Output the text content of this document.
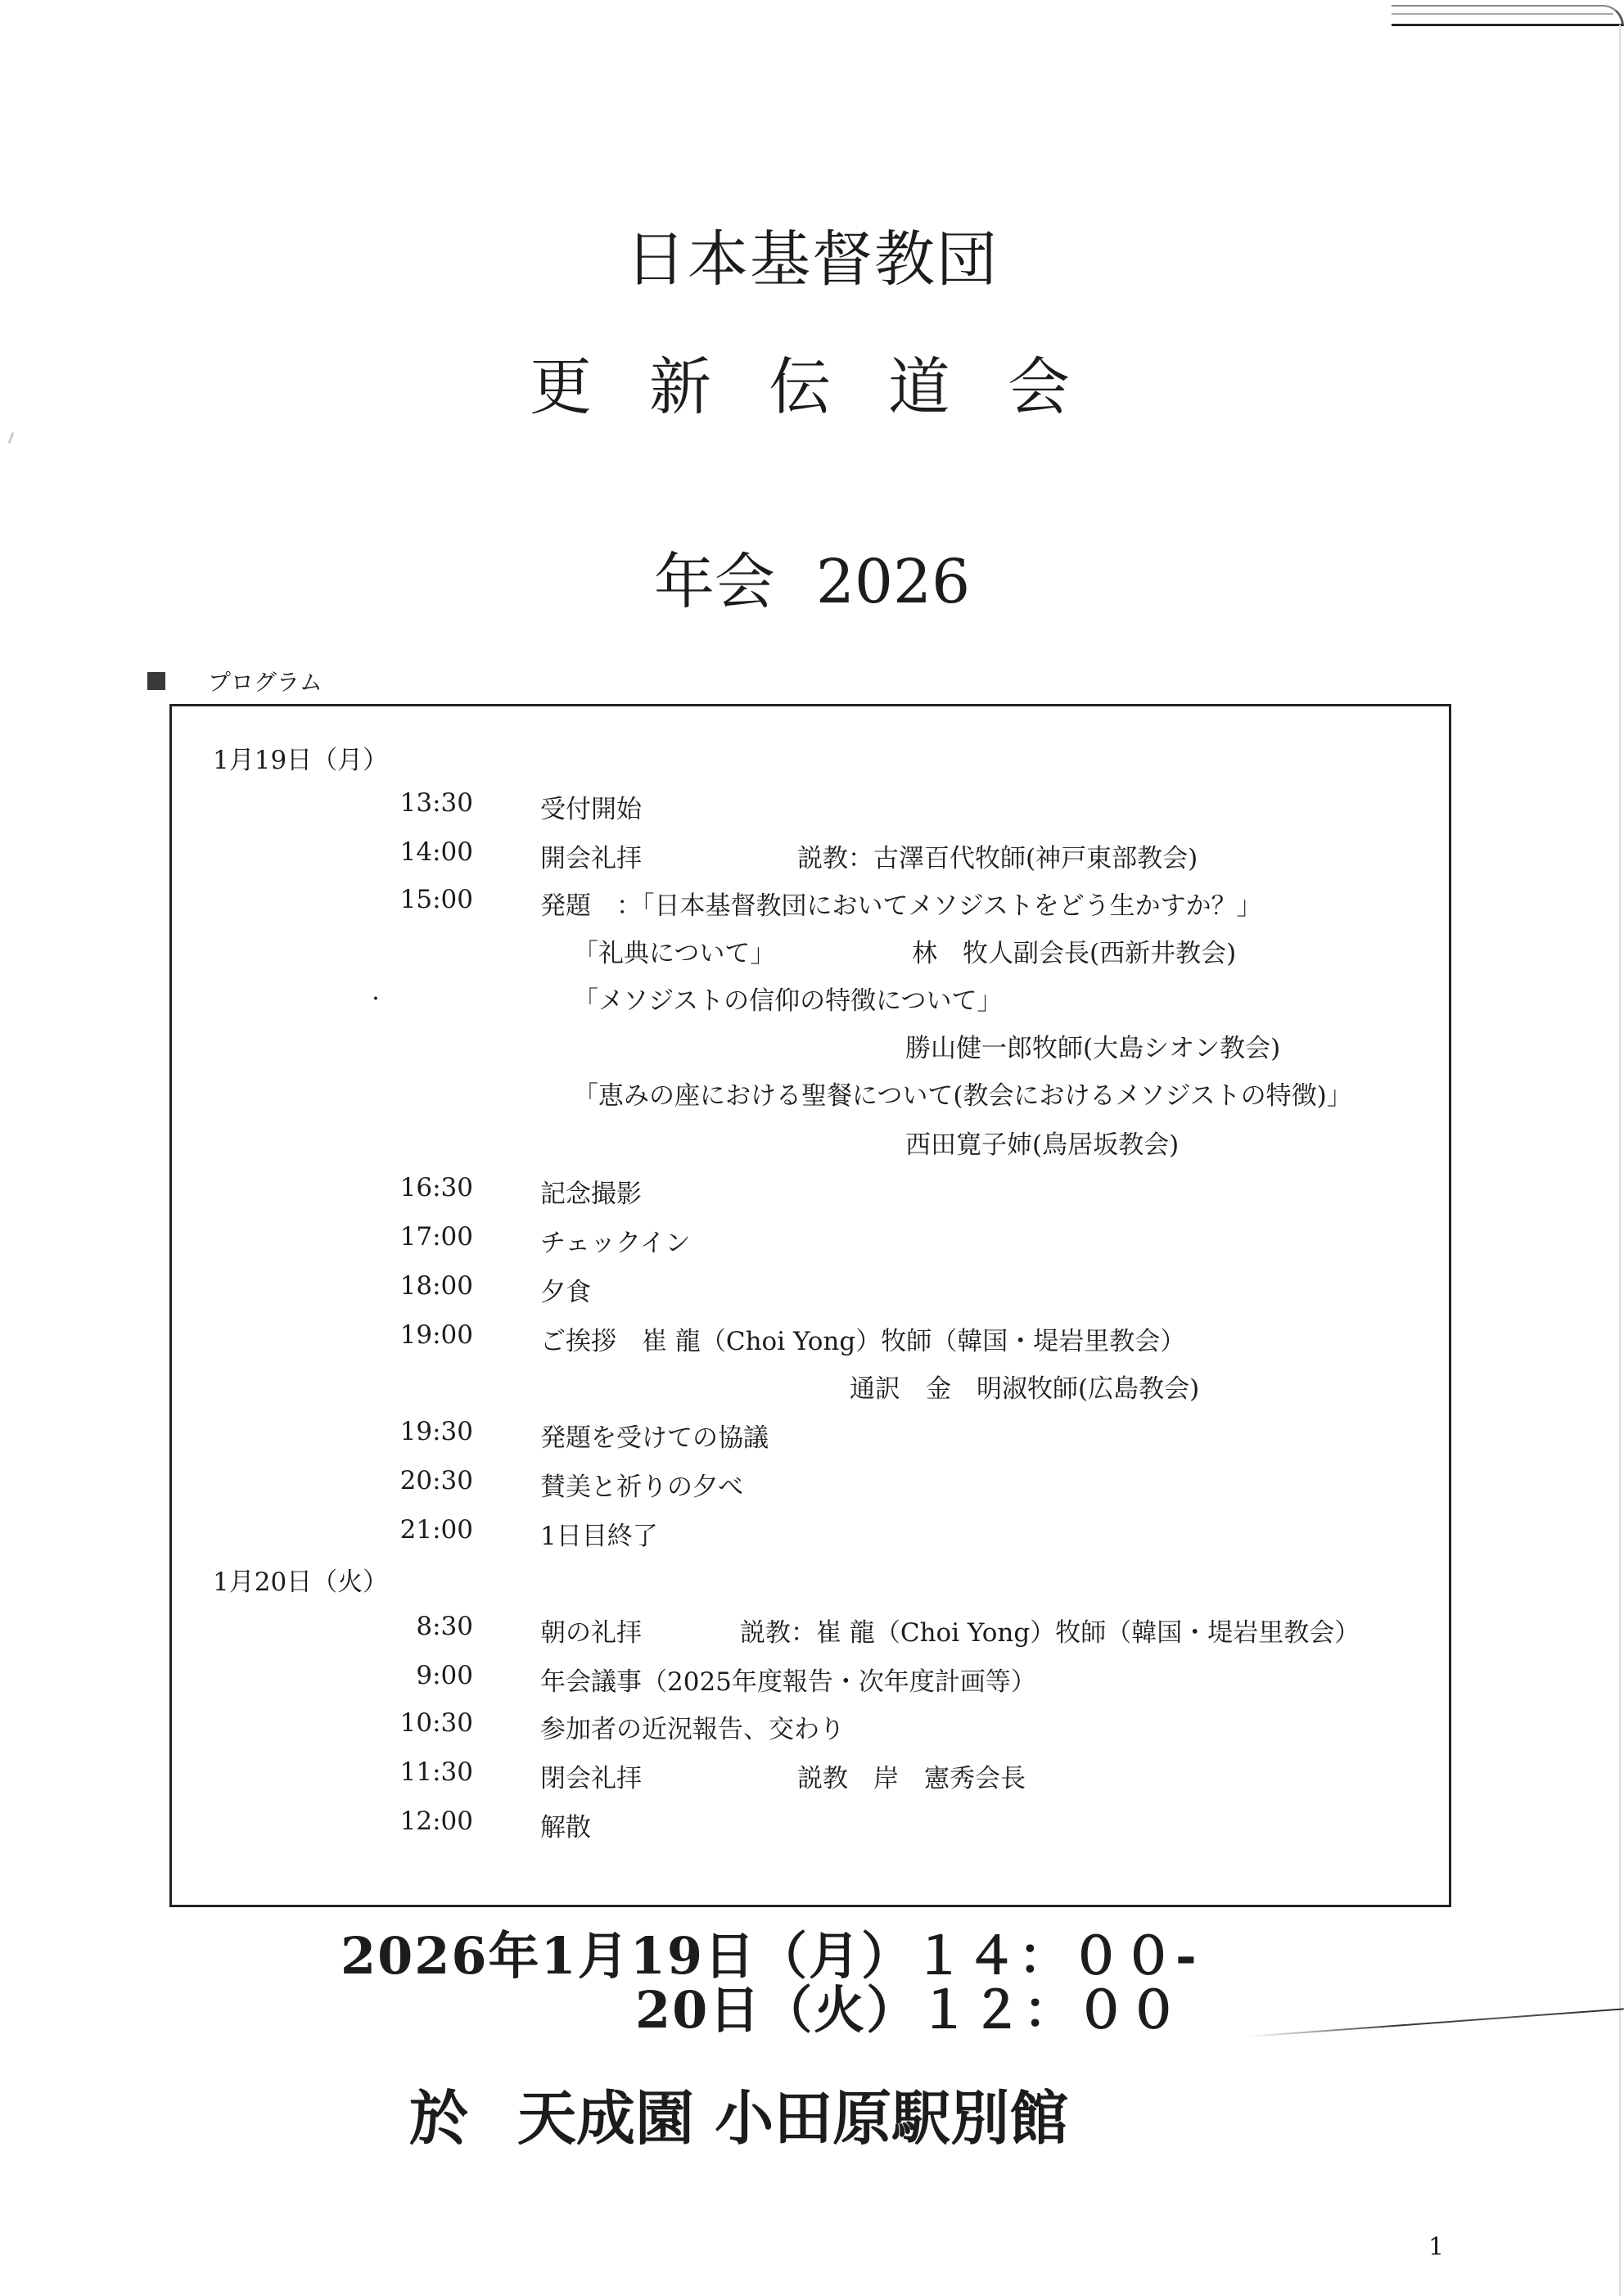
日本基督教団
更新伝道会
年会 2026
プログラム
1月19日（月）
13:30	受付開始
14:00	開会礼拝	説教：古澤百代牧師(神戸東部教会)
15:00	発題　：「日本基督教団においてメソジストをどう生かすか？」
「礼典について」	林　牧人副会長(西新井教会)
.	「メソジストの信仰の特徴について」
勝山健一郎牧師(大島シオン教会)
「恵みの座における聖餐について(教会におけるメソジストの特徴)」
西田寛子姉(鳥居坂教会)
16:30	記念撮影
17:00	チェックイン
18:00	夕食
19:00	ご挨拶　崔 龍（Choi Yong）牧師（韓国・堤岩里教会）
通訳　金　明淑牧師(広島教会)
19:30	発題を受けての協議
20:30	賛美と祈りの夕べ
21:00	1日目終了
1月20日（火）
8:30	朝の礼拝	説教：崔 龍（Choi Yong）牧師（韓国・堤岩里教会）
9:00	年会議事（2025年度報告・次年度計画等）
10:30	参加者の近況報告、交わり
11:30	閉会礼拝	説教　岸　憲秀会長
12:00	解散
2026年1月19日（月）１４：００-
20日（火）１２：００
於 天成園 小田原駅別館
1
